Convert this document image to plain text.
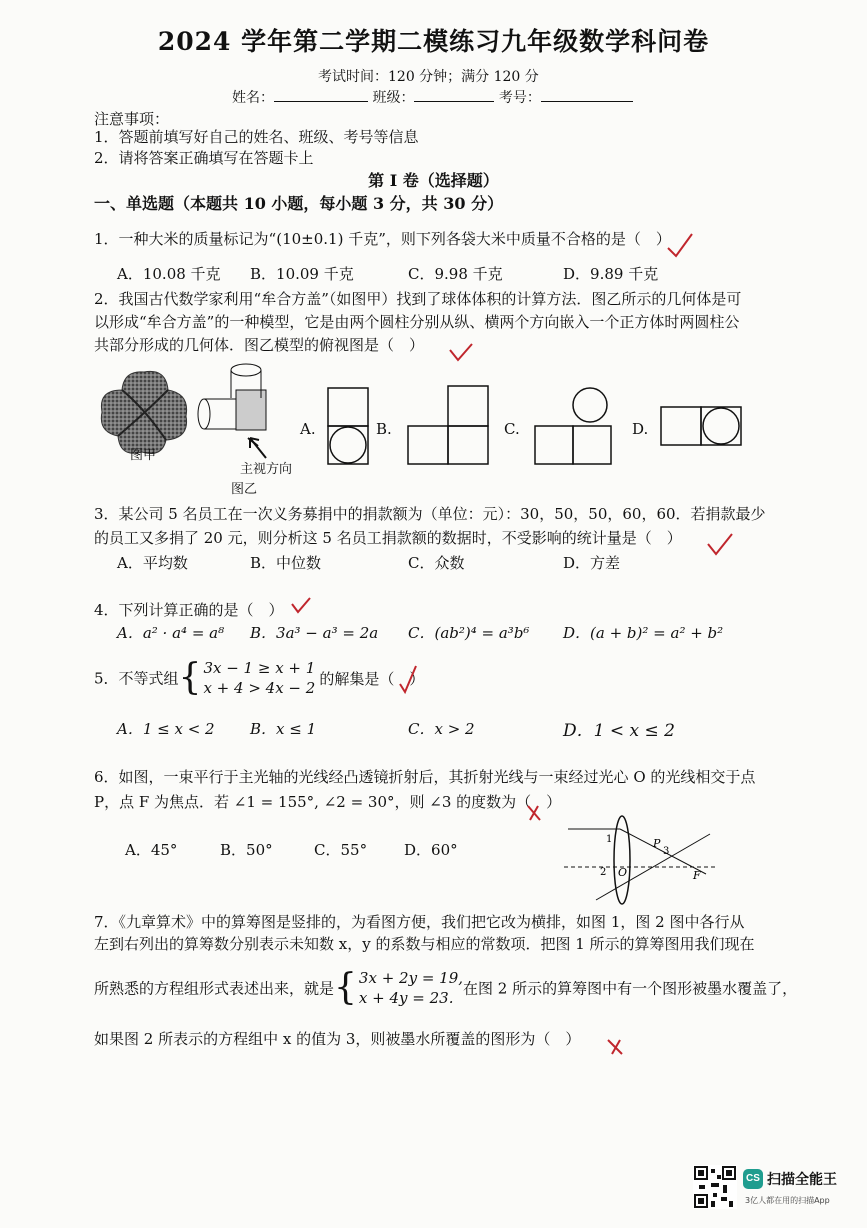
2024 学年第二学期二模练习九年级数学科问卷
考试时间：120 分钟；满分 120 分
姓名：	班级：	考号：
注意事项：
1．答题前填写好自己的姓名、班级、考号等信息
2．请将答案正确填写在答题卡上
第 I 卷（选择题）
一、单选题（本题共 10 小题，每小题 3 分，共 30 分）
1．一种大米的质量标记为“(10±0.1) 千克”，则下列各袋大米中质量不合格的是（　）
A．10.08 千克 B．10.09 千克	C．9.98 千克	D．9.89 千克
2．我国古代数学家利用“牟合方盖”（如图甲）找到了球体体积的计算方法．图乙所示的几何体是可
以形成“牟合方盖”的一种模型，它是由两个圆柱分别从纵、横两个方向嵌入一个正方体时两圆柱公
共部分形成的几何体．图乙模型的俯视图是（　）
图甲
主视方向
图乙
A.	B.	C.	D.
3．某公司 5 名员工在一次义务募捐中的捐款额为（单位：元）：30，50，50，60，60．若捐款最少
的员工又多捐了 20 元，则分析这 5 名员工捐款额的数据时，不受影响的统计量是（　）
A．平均数	B．中位数	C．众数	D．方差
4．下列计算正确的是（　）
A．a² · a⁴ = a⁸ B．3a³ − a³ = 2a C．(ab²)⁴ = a³b⁶ D．(a + b)² = a² + b²
5．不等式组{ 3x − 1 ≥ x + 1
x + 4 > 4x − 2的解集是（　）
A．1 ≤ x < 2 B．x ≤ 1	C．x > 2	D．1 < x ≤ 2
6．如图，一束平行于主光轴的光线经凸透镜折射后，其折射光线与一束经过光心 O 的光线相交于点
P，点 F 为焦点．若 ∠1 = 155°, ∠2 = 30°，则 ∠3 的度数为（　）
A．45°	B．50°	C．55° D．60°
1
2
3
P
O	F
7．《九章算术》中的算筹图是竖排的，为看图方便，我们把它改为横排，如图 1，图 2 图中各行从
左到右列出的算筹数分别表示未知数 x，y 的系数与相应的常数项．把图 1 所示的算筹图用我们现在
所熟悉的方程组形式表述出来，就是{ 3x + 2y = 19,
x + 4y = 23.在图 2 所示的算筹图中有一个图形被墨水覆盖了，
如果图 2 所表示的方程组中 x 的值为 3，则被墨水所覆盖的图形为（　）
CS 扫描全能王
3亿人都在用的扫描App
